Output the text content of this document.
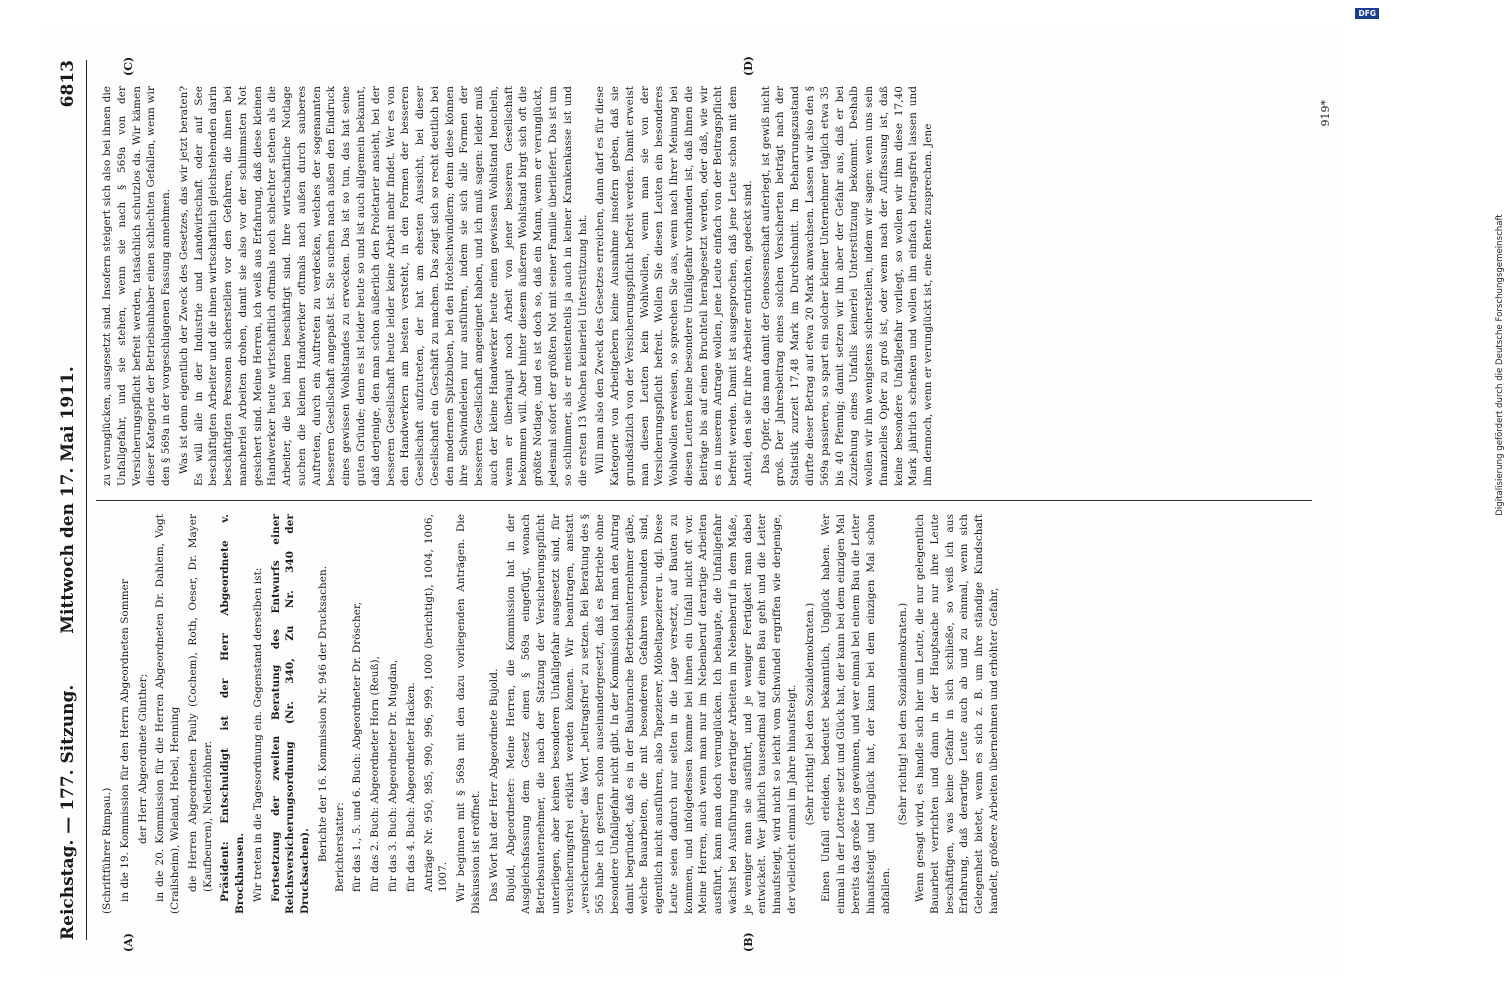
Reichstag. — 177. Sitzung.
Mittwoch den 17. Mai 1911.
6813
(A)	(B)
(C)	(D)

(Schriftführer Rimpau.) in die 19. Kommission für den Herrn Abgeordneten Sommer der Herr Abgeordnete Günther; in die 20. Kommission für die Herren Abgeordneten Dr. Dahlem, Vogt (Crailsheim), Wieland, Hebel, Henning die Herren Abgeordneten Pauly (Cochem), Roth, Oeser, Dr. Mayer (Kaufbeuren), Niederlöhner. Präsident: Entschuldigt ist der Herr Abgeordnete v. Brockhausen. Wir treten in die Tagesordnung ein. Gegenstand derselben ist: Fortsetzung der zweiten Beratung des Entwurfs einer Reichsversicherungsordnung (Nr. 340, Zu Nr. 340 der Drucksachen).

Berichte der 16. Kommission Nr. 946 der Drucksachen. Berichterstatter: für das 1., 5. und 6. Buch: Abgeordneter Dr. Dröscher, für das 2. Buch: Abgeordneter Horn (Reuß), für das 3. Buch: Abgeordneter Dr. Mugdan, für das 4. Buch: Abgeordneter Hacken. Anträge Nr. 950, 985, 990, 996, 999, 1000 (berichtigt), 1004, 1006, 1007. Wir beginnen mit § 569a mit den dazu vorliegenden Anträgen. Die Diskussion ist eröffnet. Das Wort hat der Herr Abgeordnete Bujold. Bujold, Abgeordneter: Meine Herren, die Kommission hat in der Ausgleichsfassung dem Gesetz einen § 569a eingefügt, wonach Betriebsunternehmer, die nach der Satzung der Versicherungspflicht unterliegen, aber keinen besonderen Unfallgefahr ausgesetzt sind, für versicherungsfrei erklärt werden können. Wir beantragen, anstatt „versicherungsfrei“ das Wort „beitragsfrei“ zu setzen. Bei Beratung des § 565 habe ich gestern schon auseinandergesetzt, daß es Betriebe ohne besondere Unfallgefahr nicht gibt. In der Kommission hat man den Antrag damit begründet, daß es in der Baubranche Betriebsunternehmer gäbe, welche Bauarbeiten, die mit besonderen Gefahren verbunden sind, eigentlich nicht ausführen, also Tapezierer, Möbeltapezierer u. dgl. Diese Leute seien dadurch nur selten in die Lage versetzt, auf Bauten zu kommen, und infolgedessen komme bei ihnen ein Unfall nicht oft vor. Meine Herren, auch wenn man nur im Nebenberuf derartige Arbeiten ausführt, kann man doch verunglücken. Ich behaupte, die Unfallgefahr wächst bei Ausführung derartiger Arbeiten im Nebenberuf in dem Maße, je weniger man sie ausführt, und je weniger Fertigkeit man dabei entwickelt. Wer jährlich tausendmal auf einen Bau geht und die Leiter hinaufsteigt, wird nicht so leicht vom Schwindel ergriffen wie derjenige, der vielleicht einmal im Jahre hinaufsteigt. (Sehr richtig! bei den Sozialdemokraten.) Einen Unfall erleiden, bedeutet bekanntlich, Unglück haben. Wer einmal in der Lotterie setzt und Glück hat, der kann bei dem einzigen Mal bereits das große Los gewinnen, und wer einmal bei einem Bau die Leiter hinaufsteigt und Unglück hat, der kann bei dem einzigen Mal schon abfallen.

(Sehr richtig! bei den Sozialdemokraten.) Wenn gesagt wird, es handle sich hier um Leute, die nur gelegentlich Bauarbeit verrichten und dann in der Hauptsache nur ihre Leute beschäftigen, was keine Gefahr in sich schließe, so weiß ich aus Erfahrung, daß derartige Leute auch ab und zu einmal, wenn sich Gelegenheit bietet, wenn es sich z. B. um ihre ständige Kundschaft handelt, größere Arbeiten übernehmen und erhöhter Gefahr,

zu verunglücken, ausgesetzt sind. Insofern steigert sich also bei ihnen die Unfallgefahr, und sie stehen, wenn sie nach § 569a von der Versicherungspflicht befreit werden, tatsächlich schutzlos da. Wir kämen dieser Kategorie der Betriebsinhaber einen schlechten Gefallen, wenn wir den § 569a in der vorgeschlagenen Fassung annehmen. Was ist denn eigentlich der Zweck des Gesetzes, das wir jetzt beraten? Es will alle in der Industrie und Landwirtschaft oder auf See beschäftigten Arbeiter und die ihnen wirtschaftlich gleichstehenden darin beschäftigten Personen sicherstellen vor den Gefahren, die ihnen bei mancherlei Arbeiten drohen, damit sie also vor der schlimmsten Not gesichert sind. Meine Herren, ich weiß aus Erfahrung, daß diese kleinen Handwerker heute wirtschaftlich oftmals noch schlechter stehen als die Arbeiter, die bei ihnen beschäftigt sind. Ihre wirtschaftliche Notlage suchen die kleinen Handwerker oftmals nach außen durch sauberes Auftreten, durch ein Auftreten zu verdecken, welches der sogenannten besseren Gesellschaft angepaßt ist. Sie suchen nach außen den Eindruck eines gewissen Wohlstandes zu erwecken. Das ist so tun, das hat seine guten Gründe; denn es ist leider heute so und ist auch allgemein bekannt, daß derjenige, den man schon äußerlich den Proletarier ansieht, bei der besseren Gesellschaft heute leider keine Arbeit mehr findet. Wer es von den Handwerkern am besten versteht, in den Formen der besseren Gesellschaft aufzutreten, der hat am ehesten Aussicht, bei dieser Gesellschaft ein Geschäft zu machen. Das zeigt sich so recht deutlich bei den modernen Spitzbuben, bei den Hotelschwindlern; denn diese können ihre Schwindeleien nur ausführen, indem sie sich alle Formen der besseren Gesellschaft angeeignet haben, und ich muß sagen: leider muß auch der kleine Handwerker heute einen gewissen Wohlstand heucheln, wenn er überhaupt noch Arbeit von jener besseren Gesellschaft bekommen will. Aber hinter diesem äußeren Wohlstand birgt sich oft die größte Notlage, und es ist doch so, daß ein Mann, wenn er verunglückt, jedesmal sofort der größten Not mit seiner Familie überliefert. Das ist um so schlimmer, als er meistenteils ja auch in keiner Krankenkasse ist und die ersten 13 Wochen keinerlei Unterstützung hat. Will man also den Zweck des Gesetzes erreichen, dann darf es für diese Kategorie von Arbeitgebern keine Ausnahme insofern geben, daß sie grundsätzlich von der Versicherungspflicht befreit werden. Damit erweist man diesen Leuten kein Wohlwollen, wenn man sie von der Versicherungspflicht befreit. Wollen Sie diesen Leuten ein besonderes Wohlwollen erweisen, so sprechen Sie aus, wenn nach Ihrer Meinung bei diesen Leuten keine besondere Unfallgefahr vorhanden ist, daß ihnen die Beiträge bis auf einen Bruchteil herabgesetzt werden, oder daß, wie wir es in unserem Antrage wollen, jene Leute einfach von der Beitragspflicht befreit werden. Damit ist ausgesprochen, daß jene Leute schon mit dem Anteil, den sie für ihre Arbeiter entrichten, gedeckt sind. Das Opfer, das man damit der Genossenschaft auferlegt, ist gewiß nicht groß. Der Jahresbeitrag eines solchen Versicherten beträgt nach der Statistik zurzeit 17,48 Mark im Durchschnitt. Im Beharrungszustand dürfte dieser Betrag auf etwa 20 Mark anwachsen. Lassen wir also den § 569a passieren, so spart ein solcher kleiner Unternehmer täglich etwa 35 bis 40 Pfennig; damit setzen wir ihn aber der Gefahr aus, daß er bei Zuziehung eines Unfalls keinerlei Unterstützung bekommt. Deshalb wollen wir ihn wenigstens sicherstellen, indem wir sagen: wenn uns sein finanzielles Opfer zu groß ist, oder wenn nach der Auffassung ist, daß keine besondere Unfallgefahr vorliegt, so wollen wir ihm diese 17,40 Mark jährlich schenken und wollen ihn einfach beitragsfrei lassen und ihm dennoch, wenn er verunglückt ist, eine Rente zusprechen. Jene

919*
DFG
Digitalisierung gefördert durch die Deutsche Forschungsgemeinschaft
